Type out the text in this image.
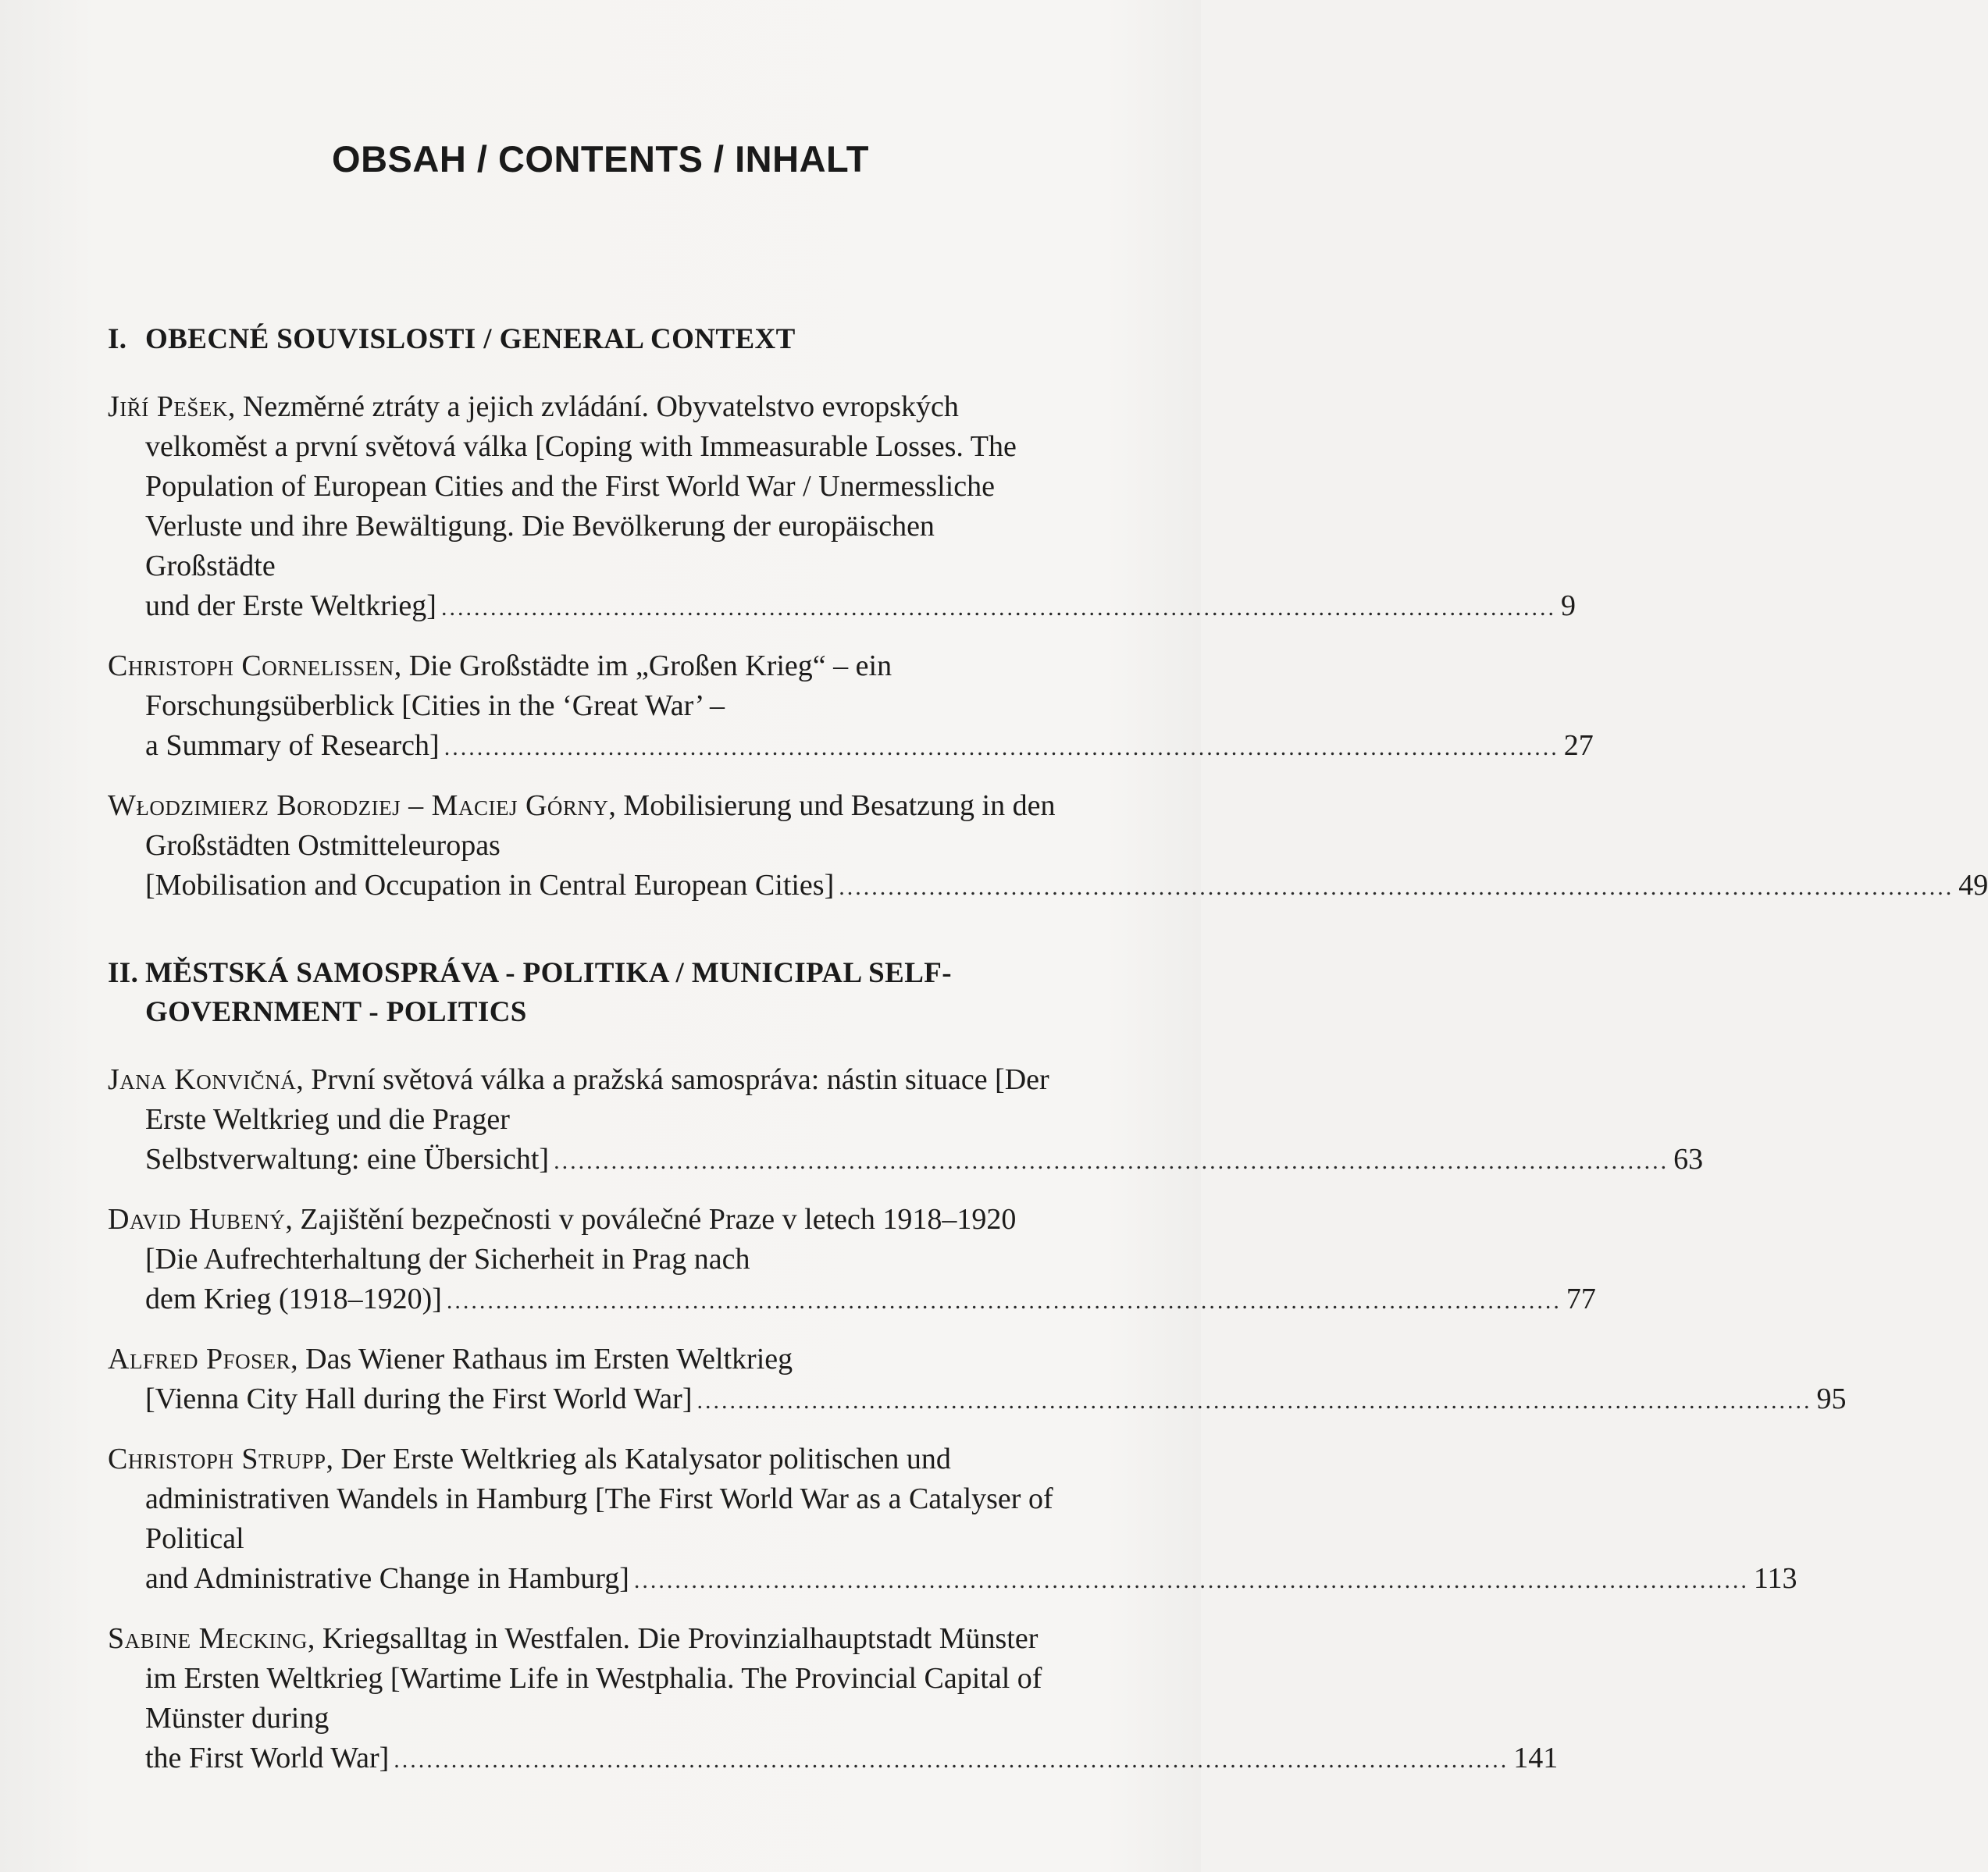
OBSAH / CONTENTS / INHALT
I. OBECNÉ SOUVISLOSTI / GENERAL CONTEXT
Jiří Pešek, Nezměrné ztráty a jejich zvládání. Obyvatelstvo evropských velkoměst a první světová válka [Coping with Immeasurable Losses. The Population of European Cities and the First World War / Unermessliche Verluste und ihre Bewältigung. Die Bevölkerung der europäischen Großstädte
und der Erste Weltkrieg] ........................................................................................................................................ 9
Christoph Cornelißen, Die Großstädte im „Großen Krieg“ – ein Forschungsüberblick [Cities in the ‘Great War’ –
a Summary of Research] ........................................................................................................................................ 27
Włodzimierz Borodziej – Maciej Górny, Mobilisierung und Besatzung in den Großstädten Ostmitteleuropas
[Mobilisation and Occupation in Central European Cities] ........................................................................................................................................ 49
II. MĚSTSKÁ SAMOSPRÁVA - POLITIKA / MUNICIPAL SELF-GOVERNMENT - POLITICS
Jana Konvičná, První světová válka a pražská samospráva: nástin situace [Der Erste Weltkrieg und die Prager
Selbstverwaltung: eine Übersicht] ........................................................................................................................................ 63
David Hubený, Zajištění bezpečnosti v poválečné Praze v letech 1918–1920 [Die Aufrechterhaltung der Sicherheit in Prag nach
dem Krieg (1918–1920)] ........................................................................................................................................ 77
Alfred Pfoser, Das Wiener Rathaus im Ersten Weltkrieg
[Vienna City Hall during the First World War] ........................................................................................................................................ 95
Christoph Strupp, Der Erste Weltkrieg als Katalysator politischen und administrativen Wandels in Hamburg [The First World War as a Catalyser of Political
and Administrative Change in Hamburg] ........................................................................................................................................ 113
Sabine Mecking, Kriegsalltag in Westfalen. Die Provinzialhauptstadt Münster im Ersten Weltkrieg [Wartime Life in Westphalia. The Provincial Capital of Münster during
the First World War] ........................................................................................................................................ 141
